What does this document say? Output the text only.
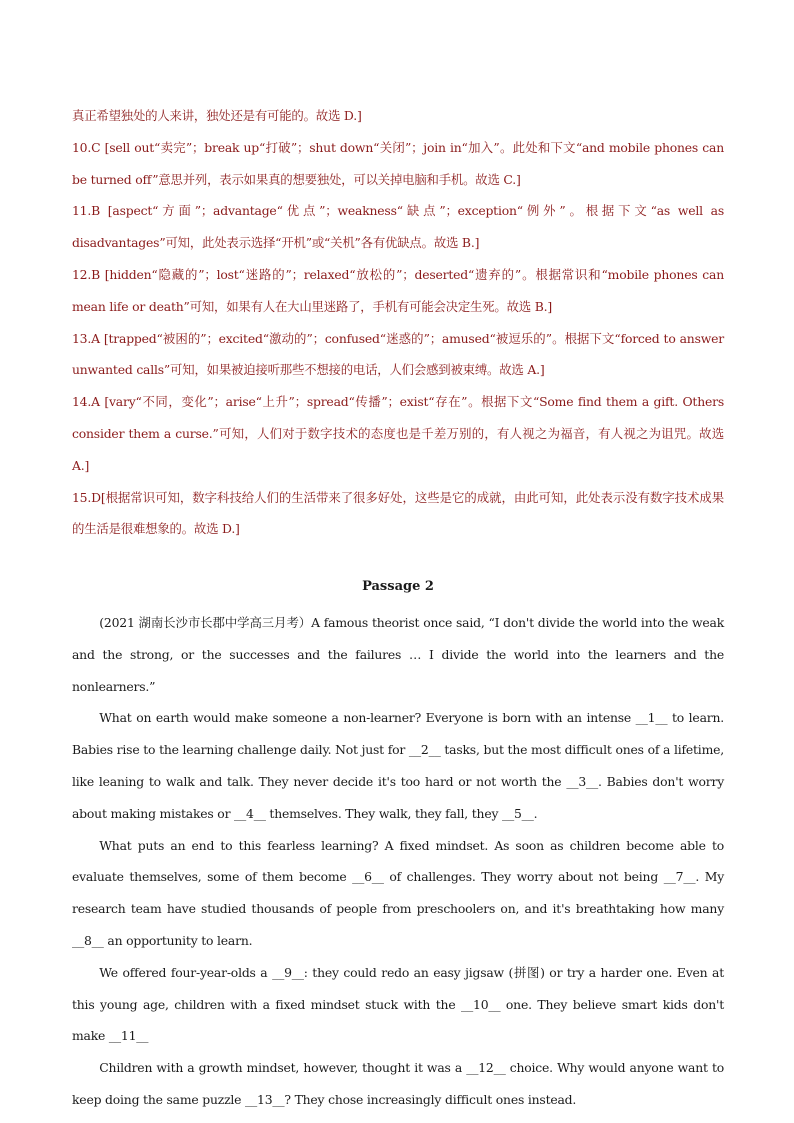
真正希望独处的人来讲，独处还是有可能的。故选 D.]

10.C [sell out“卖完”；break up“打破”；shut down“关闭”；join in“加入”。此处和下文“and mobile phones can be turned off”意思并列，表示如果真的想要独处，可以关掉电脑和手机。故选 C.]

11.B [aspect“方面”；advantage“优点”；weakness“缺点”；exception“例外”。根据下文“as well as disadvantages”可知，此处表示选择“开机”或“关机”各有优缺点。故选 B.]

12.B [hidden“隐藏的”；lost“迷路的”；relaxed“放松的”；deserted“遗弃的”。根据常识和“mobile phones can mean life or death”可知，如果有人在大山里迷路了，手机有可能会决定生死。故选 B.]

13.A [trapped“被困的”；excited“激动的”；confused“迷惑的”；amused“被逗乐的”。根据下文“forced to answer unwanted calls”可知，如果被迫接听那些不想接的电话，人们会感到被束缚。故选 A.]

14.A [vary“不同，变化”；arise“上升”；spread“传播”；exist“存在”。根据下文“Some find them a gift. Others consider them a curse.”可知，人们对于数字技术的态度也是千差万别的，有人视之为福音，有人视之为诅咒。故选 A.]

15.D[根据常识可知，数字科技给人们的生活带来了很多好处，这些是它的成就，由此可知，此处表示没有数字技术成果的生活是很难想象的。故选 D.]

Passage 2

(2021 湖南长沙市长郡中学高三月考）A famous theorist once said, “I don't divide the world into the weak and the strong, or the successes and the failures … I divide the world into the learners and the nonlearners.”

What on earth would make someone a non-learner? Everyone is born with an intense __1__ to learn. Babies rise to the learning challenge daily. Not just for __2__ tasks, but the most difficult ones of a lifetime, like leaning to walk and talk. They never decide it's too hard or not worth the __3__. Babies don't worry about making mistakes or __4__ themselves. They walk, they fall, they __5__.

What puts an end to this fearless learning? A fixed mindset. As soon as children become able to evaluate themselves, some of them become __6__ of challenges. They worry about not being __7__. My research team have studied thousands of people from preschoolers on, and it's breathtaking how many __8__ an opportunity to learn.

We offered four-year-olds a __9__: they could redo an easy jigsaw (拼图) or try a harder one. Even at this young age, children with a fixed mindset stuck with the __10__ one. They believe smart kids don't make __11__

Children with a growth mindset, however, thought it was a __12__ choice. Why would anyone want to keep doing the same puzzle __13__? They chose increasingly difficult ones instead.
